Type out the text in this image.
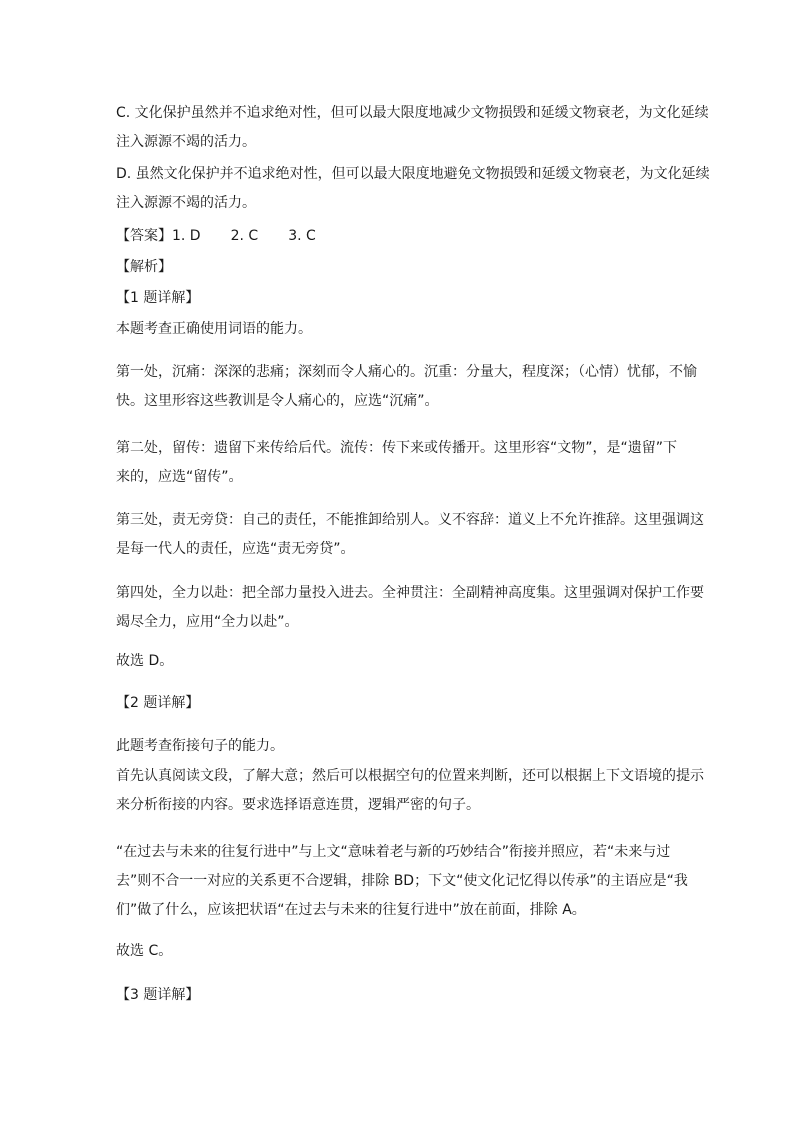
C. 文化保护虽然并不追求绝对性，但可以最大限度地减少文物损毁和延缓文物衰老，为文化延续
注入源源不竭的活力。

D. 虽然文化保护并不追求绝对性，但可以最大限度地避免文物损毁和延缓文物衰老，为文化延续
注入源源不竭的活力。

【答案】1. D 2. C 3. C

【解析】

【1 题详解】

本题考查正确使用词语的能力。

第一处，沉痛：深深的悲痛；深刻而令人痛心的。沉重：分量大，程度深；（心情）忧郁，不愉
快。这里形容这些教训是令人痛心的，应选“沉痛”。

第二处，留传：遗留下来传给后代。流传：传下来或传播开。这里形容“文物”，是“遗留”下
来的，应选“留传”。

第三处，责无旁贷：自己的责任，不能推卸给别人。义不容辞：道义上不允许推辞。这里强调这
是每一代人的责任，应选“责无旁贷”。

第四处，全力以赴：把全部力量投入进去。全神贯注：全副精神高度集。这里强调对保护工作要
竭尽全力，应用“全力以赴”。

故选 D。

【2 题详解】

此题考查衔接句子的能力。

首先认真阅读文段，了解大意；然后可以根据空句的位置来判断，还可以根据上下文语境的提示
来分析衔接的内容。要求选择语意连贯，逻辑严密的句子。

“在过去与未来的往复行进中”与上文“意味着老与新的巧妙结合”衔接并照应，若“未来与过
去”则不合一一对应的关系更不合逻辑，排除 BD；下文“使文化记忆得以传承”的主语应是“我
们”做了什么，应该把状语“在过去与未来的往复行进中”放在前面，排除 A。

故选 C。

【3 题详解】
